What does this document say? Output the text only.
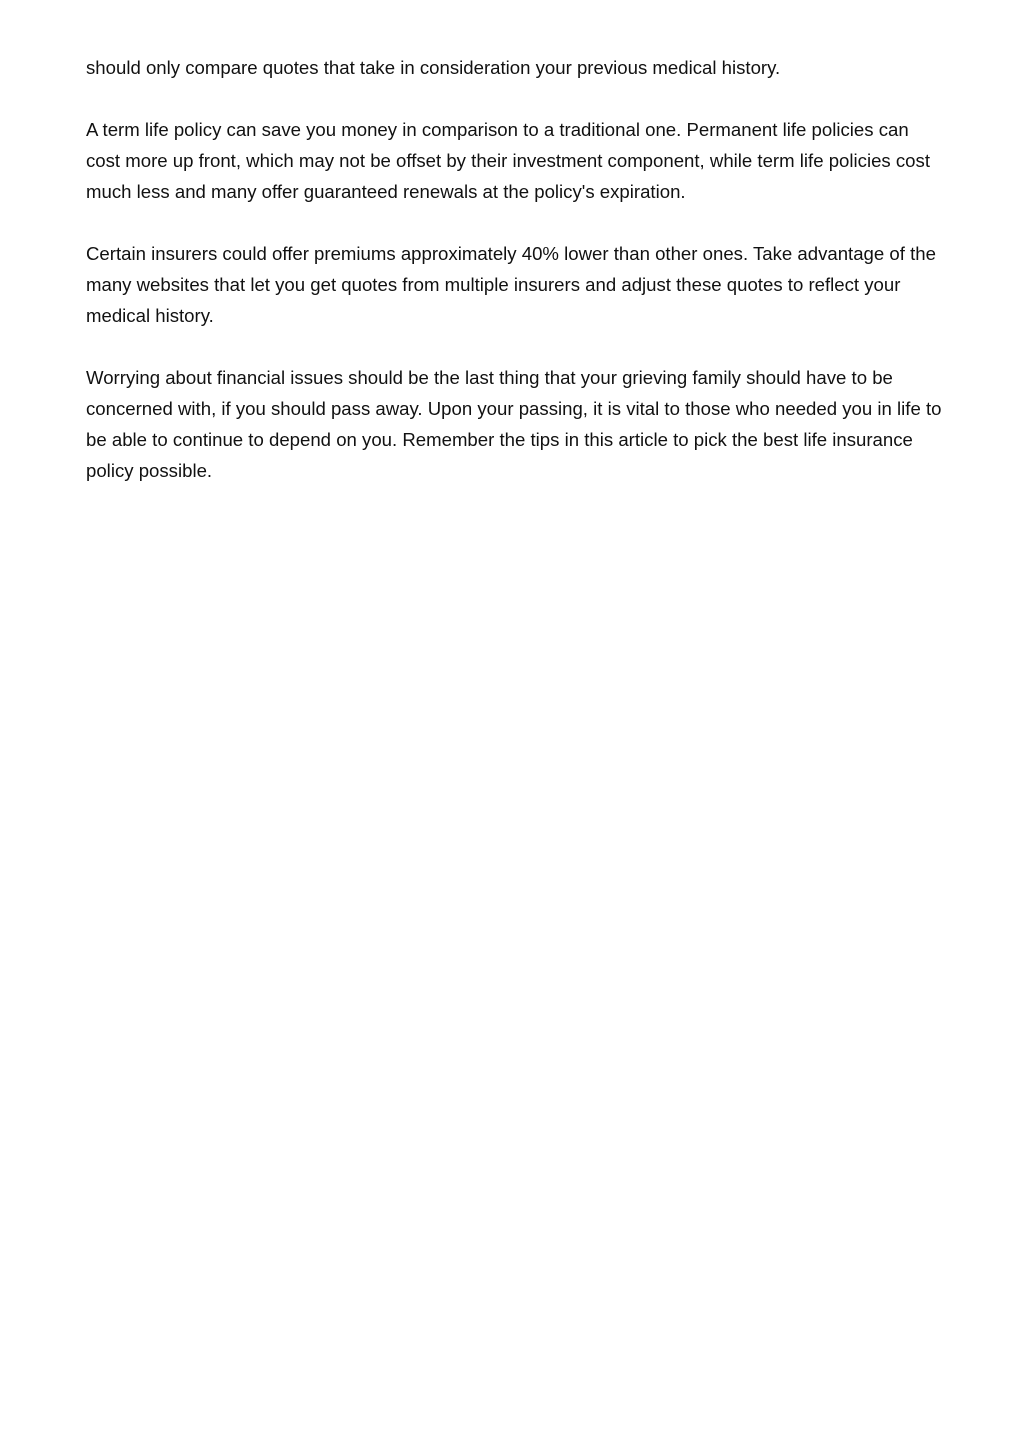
should only compare quotes that take in consideration your previous medical history.

A term life policy can save you money in comparison to a traditional one. Permanent life policies can cost more up front, which may not be offset by their investment component, while term life policies cost much less and many offer guaranteed renewals at the policy's expiration.

Certain insurers could offer premiums approximately 40% lower than other ones. Take advantage of the many websites that let you get quotes from multiple insurers and adjust these quotes to reflect your medical history.

Worrying about financial issues should be the last thing that your grieving family should have to be concerned with, if you should pass away. Upon your passing, it is vital to those who needed you in life to be able to continue to depend on you. Remember the tips in this article to pick the best life insurance policy possible.
